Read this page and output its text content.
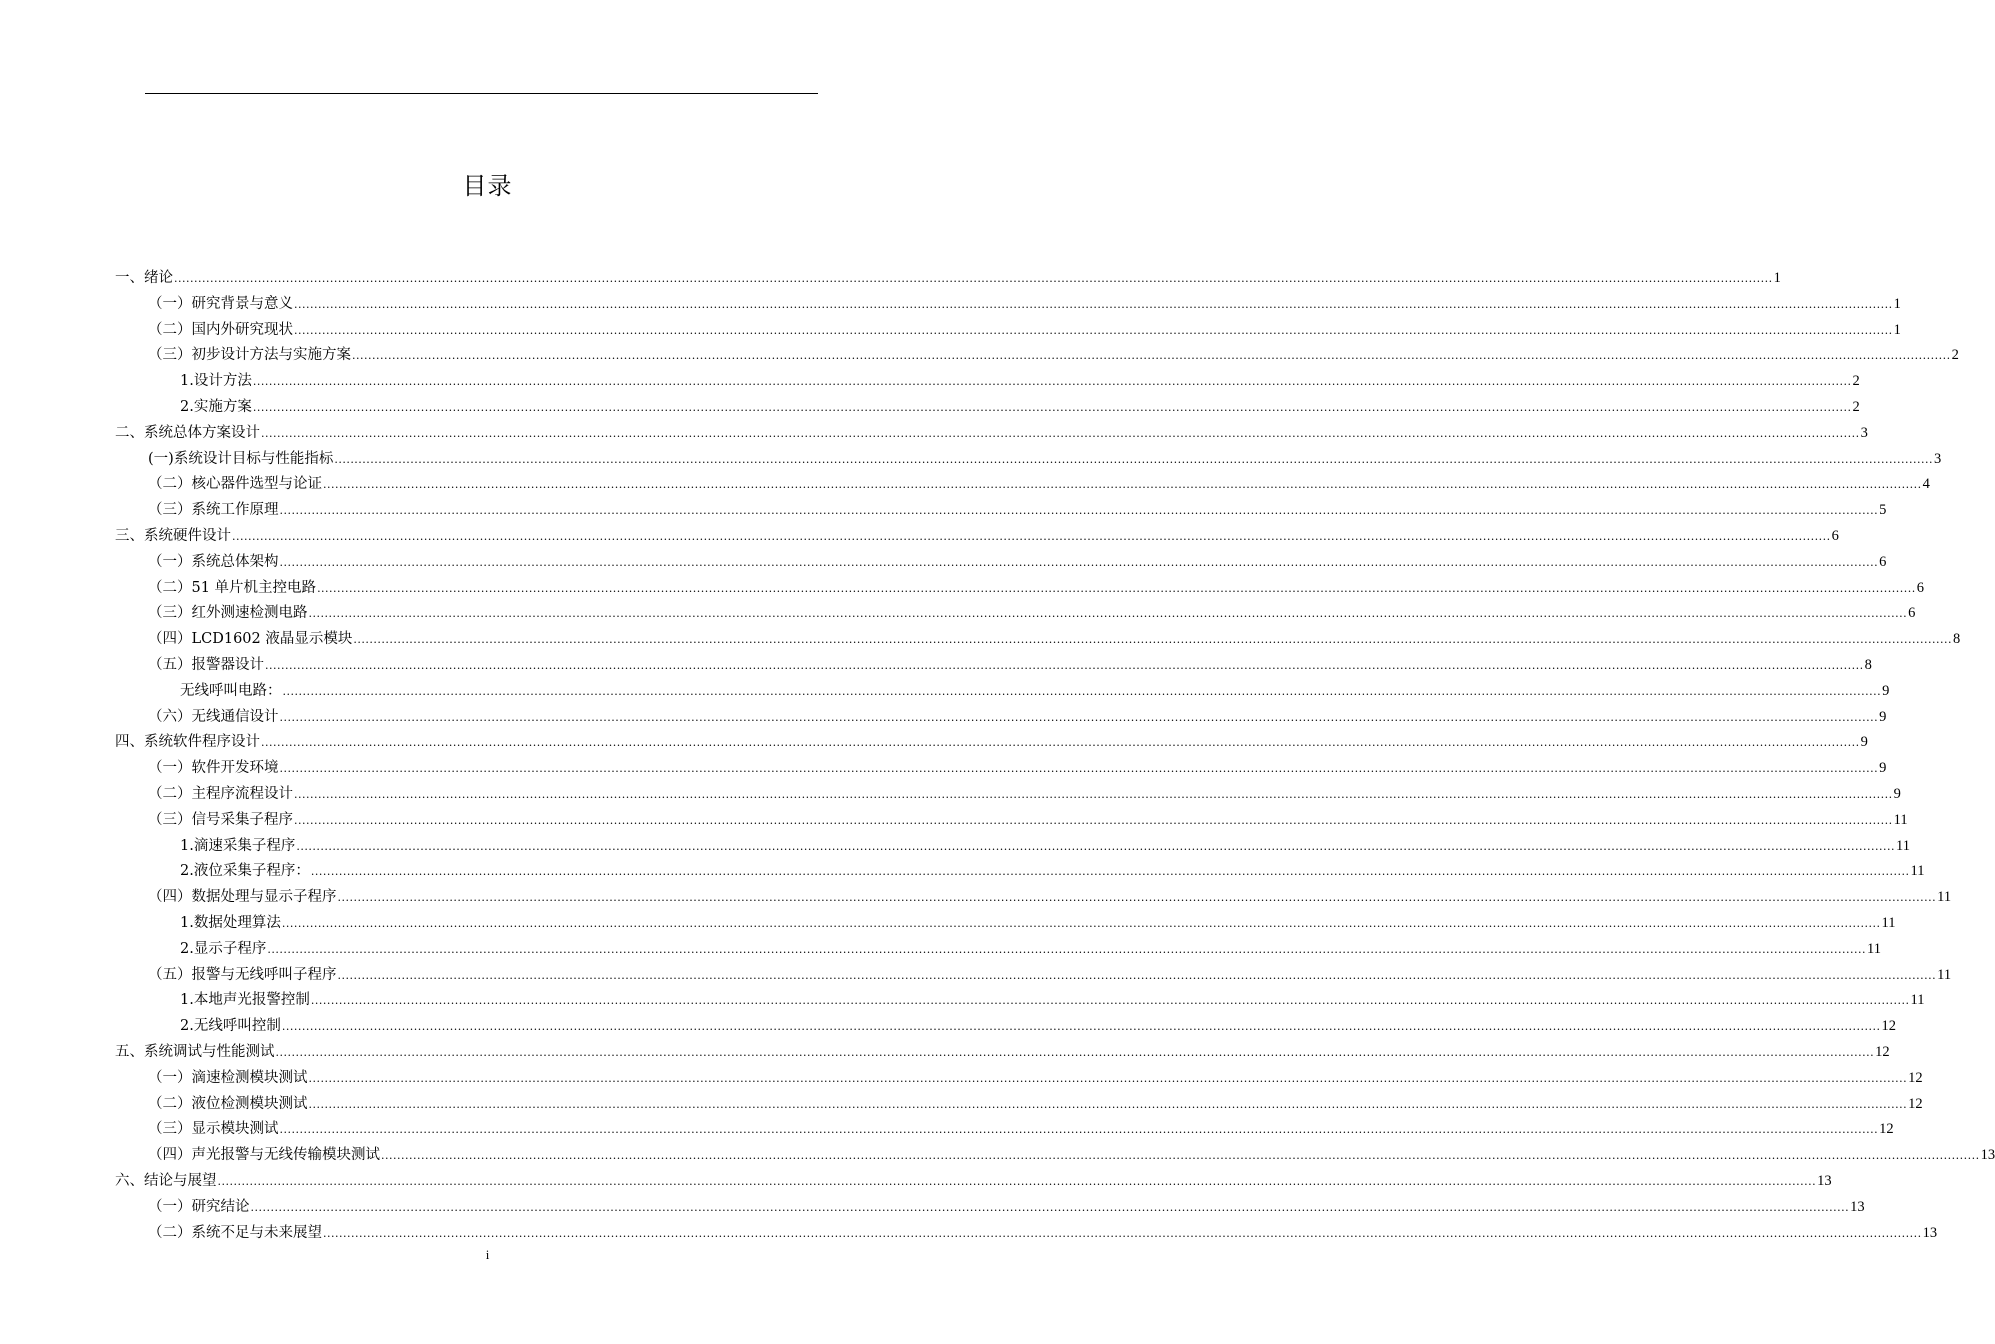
目录
一、绪论 ................................................................................................................................................................................................................................................................................................................................................................................................................ 1
（一）研究背景与意义 ................................................................................................................................................................................................................................................................................................................................................................................................................ 1
（二）国内外研究现状 ................................................................................................................................................................................................................................................................................................................................................................................................................ 1
（三）初步设计方法与实施方案 ................................................................................................................................................................................................................................................................................................................................................................................................................ 2
1.设计方法 ................................................................................................................................................................................................................................................................................................................................................................................................................ 2
2.实施方案 ................................................................................................................................................................................................................................................................................................................................................................................................................ 2
二、系统总体方案设计 ................................................................................................................................................................................................................................................................................................................................................................................................................ 3
(一)系统设计目标与性能指标 ................................................................................................................................................................................................................................................................................................................................................................................................................ 3
（二）核心器件选型与论证 ................................................................................................................................................................................................................................................................................................................................................................................................................ 4
（三）系统工作原理 ................................................................................................................................................................................................................................................................................................................................................................................................................ 5
三、系统硬件设计 ................................................................................................................................................................................................................................................................................................................................................................................................................ 6
（一）系统总体架构 ................................................................................................................................................................................................................................................................................................................................................................................................................ 6
（二）51 单片机主控电路 ................................................................................................................................................................................................................................................................................................................................................................................................................ 6
（三）红外测速检测电路 ................................................................................................................................................................................................................................................................................................................................................................................................................ 6
（四）LCD1602 液晶显示模块 ................................................................................................................................................................................................................................................................................................................................................................................................................ 8
（五）报警器设计 ................................................................................................................................................................................................................................................................................................................................................................................................................ 8
无线呼叫电路： ................................................................................................................................................................................................................................................................................................................................................................................................................ 9
（六）无线通信设计 ................................................................................................................................................................................................................................................................................................................................................................................................................ 9
四、系统软件程序设计 ................................................................................................................................................................................................................................................................................................................................................................................................................ 9
（一）软件开发环境 ................................................................................................................................................................................................................................................................................................................................................................................................................ 9
（二）主程序流程设计 ................................................................................................................................................................................................................................................................................................................................................................................................................ 9
（三）信号采集子程序 ................................................................................................................................................................................................................................................................................................................................................................................................................ 11
1.滴速采集子程序 ................................................................................................................................................................................................................................................................................................................................................................................................................ 11
2.液位采集子程序： ................................................................................................................................................................................................................................................................................................................................................................................................................ 11
（四）数据处理与显示子程序 ................................................................................................................................................................................................................................................................................................................................................................................................................ 11
1.数据处理算法 ................................................................................................................................................................................................................................................................................................................................................................................................................ 11
2.显示子程序 ................................................................................................................................................................................................................................................................................................................................................................................................................ 11
（五）报警与无线呼叫子程序 ................................................................................................................................................................................................................................................................................................................................................................................................................ 11
1.本地声光报警控制 ................................................................................................................................................................................................................................................................................................................................................................................................................ 11
2.无线呼叫控制 ................................................................................................................................................................................................................................................................................................................................................................................................................ 12
五、系统调试与性能测试 ................................................................................................................................................................................................................................................................................................................................................................................................................ 12
（一）滴速检测模块测试 ................................................................................................................................................................................................................................................................................................................................................................................................................ 12
（二）液位检测模块测试 ................................................................................................................................................................................................................................................................................................................................................................................................................ 12
（三）显示模块测试 ................................................................................................................................................................................................................................................................................................................................................................................................................ 12
（四）声光报警与无线传输模块测试 ................................................................................................................................................................................................................................................................................................................................................................................................................ 13
六、结论与展望 ................................................................................................................................................................................................................................................................................................................................................................................................................ 13
（一）研究结论 ................................................................................................................................................................................................................................................................................................................................................................................................................ 13
（二）系统不足与未来展望 ................................................................................................................................................................................................................................................................................................................................................................................................................ 13
i
